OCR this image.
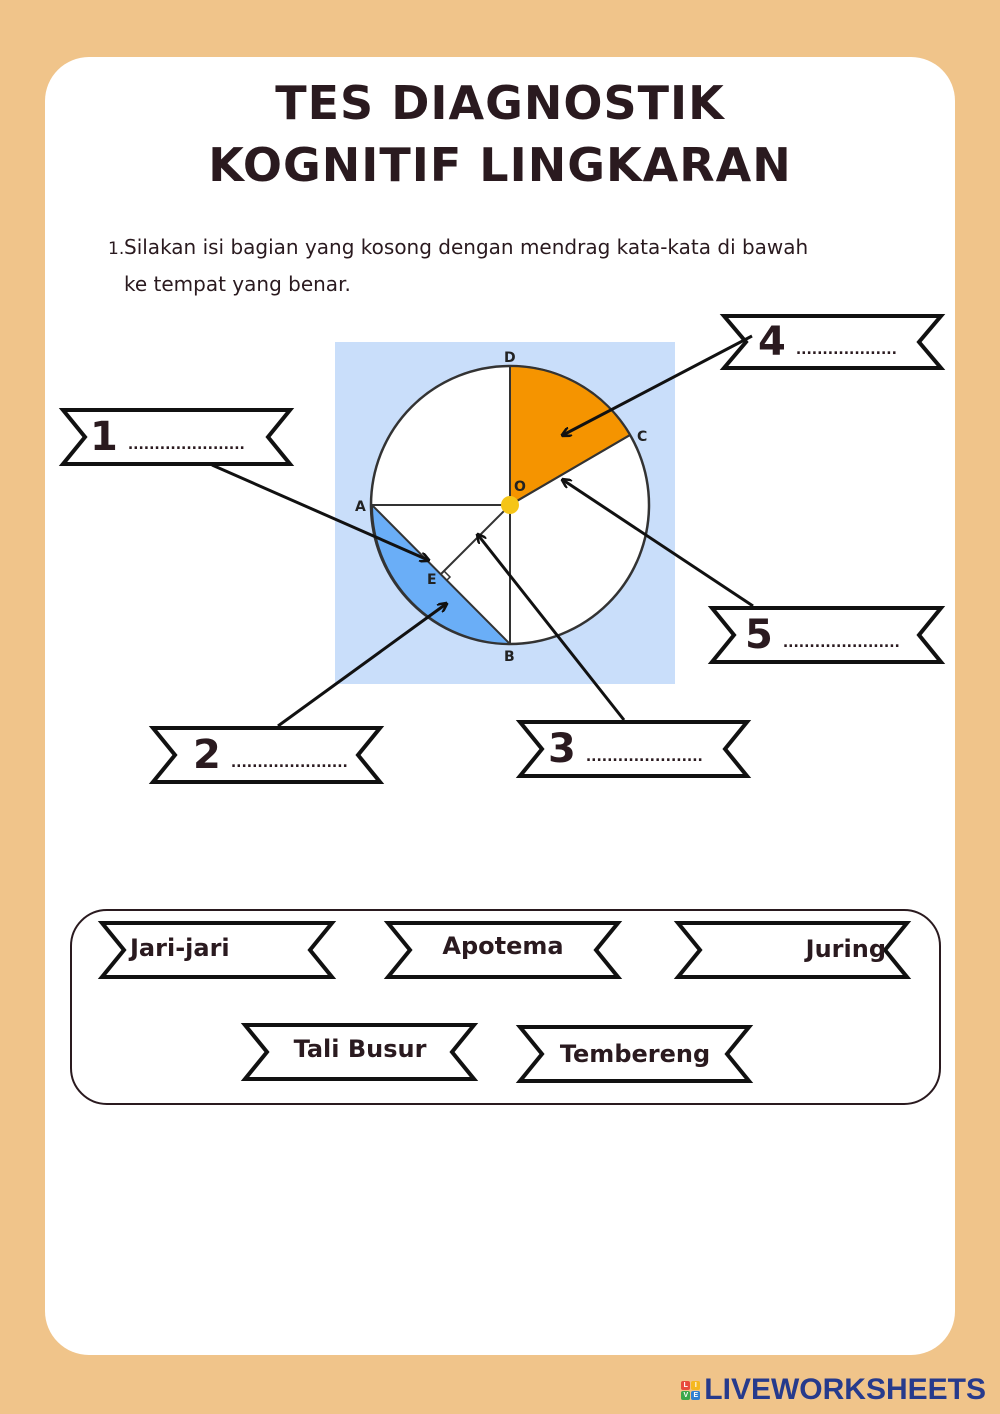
TES DIAGNOSTIK
KOGNITIF LINGKARAN
1.Silakan isi bagian yang kosong dengan mendrag kata-kata di bawah
ke tempat yang benar.
D
C
O
A
E
B
1 ......................
2 ......................	3 ......................
4 ...................
5 ......................
Jari-jari	Apotema	Juring
Tali Busur	Tembereng
L I
V E LIVEWORKSHEETS
